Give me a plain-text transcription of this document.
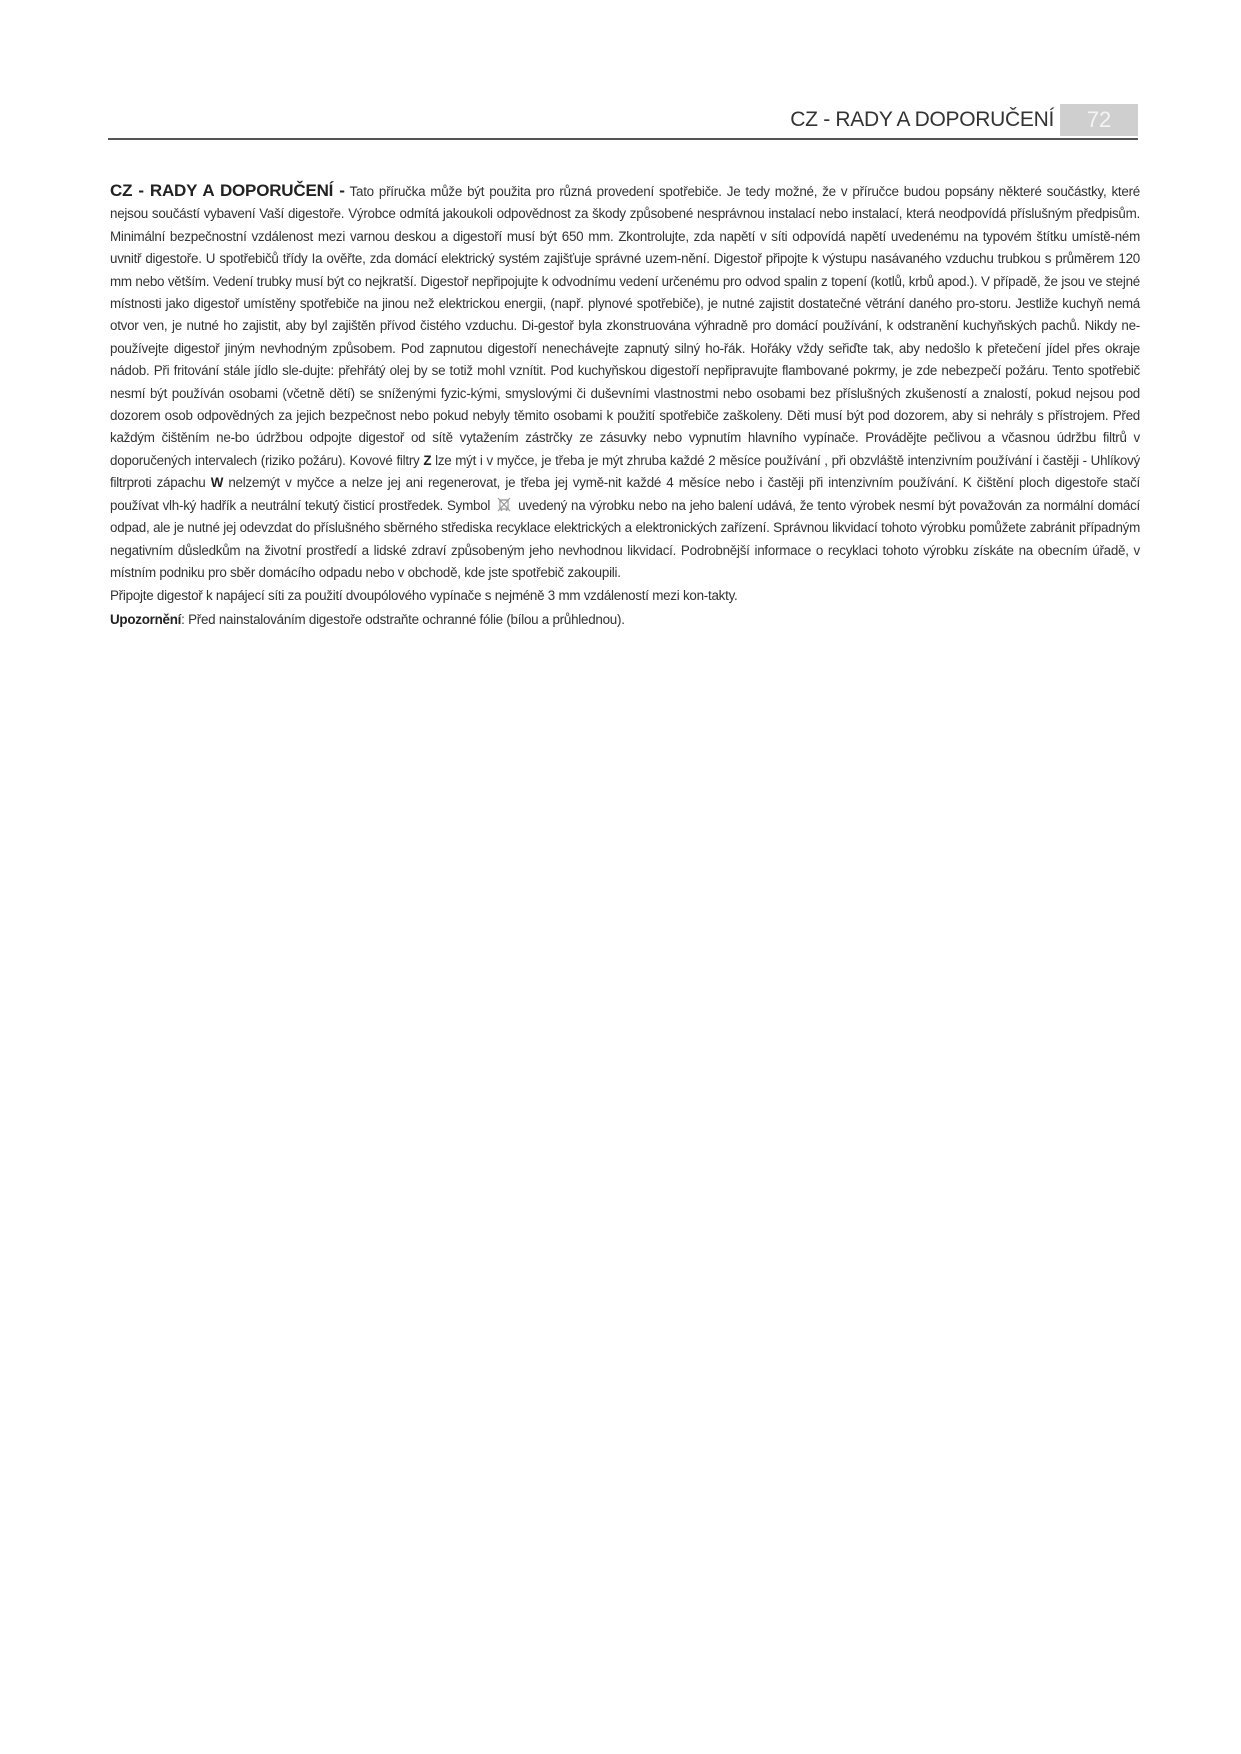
CZ - RADY A DOPORUČENÍ	72

CZ - RADY A DOPORUČENÍ - Tato příručka může být použita pro různá provedení spotřebiče. Je tedy možné, že v příručce budou popsány některé součástky, které nejsou součástí vybavení Vaší digestoře. Výrobce odmítá jakoukoli odpovědnost za škody způsobené nesprávnou instalací nebo instalací, která neodpovídá příslušným předpisům. Minimální bezpečnostní vzdálenost mezi varnou deskou a digestoří musí být 650 mm. Zkontrolujte, zda napětí v síti odpovídá napětí uvedenému na typovém štítku umístě-ném uvnitř digestoře. U spotřebičů třídy Ia ověřte, zda domácí elektrický systém zajišťuje správné uzem-nění. Digestoř připojte k výstupu nasávaného vzduchu trubkou s průměrem 120 mm nebo větším. Vedení trubky musí být co nejkratší. Digestoř nepřipojujte k odvodnímu vedení určenému pro odvod spalin z topení (kotlů, krbů apod.). V případě, že jsou ve stejné místnosti jako digestoř umístěny spotřebiče na jinou než elektrickou energii, (např. plynové spotřebiče), je nutné zajistit dostatečné větrání daného pro-storu. Jestliže kuchyň nemá otvor ven, je nutné ho zajistit, aby byl zajištěn přívod čistého vzduchu. Di-gestoř byla zkonstruována výhradně pro domácí používání, k odstranění kuchyňských pachů. Nikdy ne-používejte digestoř jiným nevhodným způsobem. Pod zapnutou digestoří nenechávejte zapnutý silný ho-řák. Hořáky vždy seřiďte tak, aby nedošlo k přetečení jídel přes okraje nádob. Při fritování stále jídlo sle-dujte: přehřátý olej by se totiž mohl vznítit. Pod kuchyňskou digestoří nepřipravujte flambované pokrmy, je zde nebezpečí požáru. Tento spotřebič nesmí být používán osobami (včetně dětí) se sníženými fyzic-kými, smyslovými či duševními vlastnostmi nebo osobami bez příslušných zkušeností a znalostí, pokud nejsou pod dozorem osob odpovědných za jejich bezpečnost nebo pokud nebyly těmito osobami k použití spotřebiče zaškoleny. Děti musí být pod dozorem, aby si nehrály s přístrojem. Před každým čištěním ne-bo údržbou odpojte digestoř od sítě vytažením zástrčky ze zásuvky nebo vypnutím hlavního vypínače. Provádějte pečlivou a včasnou údržbu filtrů v doporučených intervalech (riziko požáru). Kovové filtry Z lze mýt i v myčce, je třeba je mýt zhruba každé 2 měsíce používání , při obzvláště intenzivním používání i častěji - Uhlíkový filtrproti zápachu W nelzemýt v myčce a nelze jej ani regenerovat, je třeba jej vymě-nit každé 4 měsíce nebo i častěji při intenzivním používání. K čištění ploch digestoře stačí používat vlh-ký hadřík a neutrální tekutý čisticí prostředek. Symbol uvedený na výrobku nebo na jeho balení udává, že tento výrobek nesmí být považován za normální domácí odpad, ale je nutné jej odevzdat do příslušného sběrného střediska recyklace elektrických a elektronických zařízení. Správnou likvidací tohoto výrobku pomůžete zabránit případným negativním důsledkům na životní prostředí a lidské zdraví způsobeným jeho nevhodnou likvidací. Podrobnější informace o recyklaci tohoto výrobku získáte na obecním úřadě, v místním podniku pro sběr domácího odpadu nebo v obchodě, kde jste spotřebič zakoupili.

Připojte digestoř k napájecí síti za použití dvoupólového vypínače s nejméně 3 mm vzdáleností mezi kon-takty.

Upozornění: Před nainstalováním digestoře odstraňte ochranné fólie (bílou a průhlednou).
